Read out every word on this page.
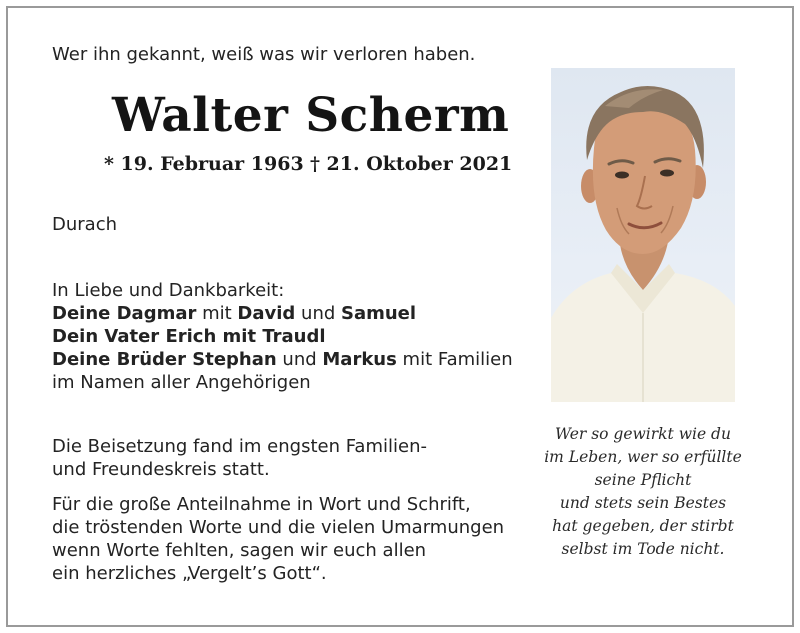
Wer ihn gekannt, weiß was wir verloren haben.
Walter Scherm
* 19. Februar 1963 † 21. Oktober 2021
Durach
In Liebe und Dankbarkeit:
Deine Dagmar mit David und Samuel
Dein Vater Erich mit Traudl
Deine Brüder Stephan und Markus mit Familien
im Namen aller Angehörigen
Die Beisetzung fand im engsten Familien-
und Freundeskreis statt.
Für die große Anteilnahme in Wort und Schrift,
die tröstenden Worte und die vielen Umarmungen
wenn Worte fehlten, sagen wir euch allen
ein herzliches „Vergelt’s Gott“.
Wer so gewirkt wie du
im Leben, wer so erfüllte
seine Pflicht
und stets sein Bestes
hat gegeben, der stirbt
selbst im Tode nicht.
